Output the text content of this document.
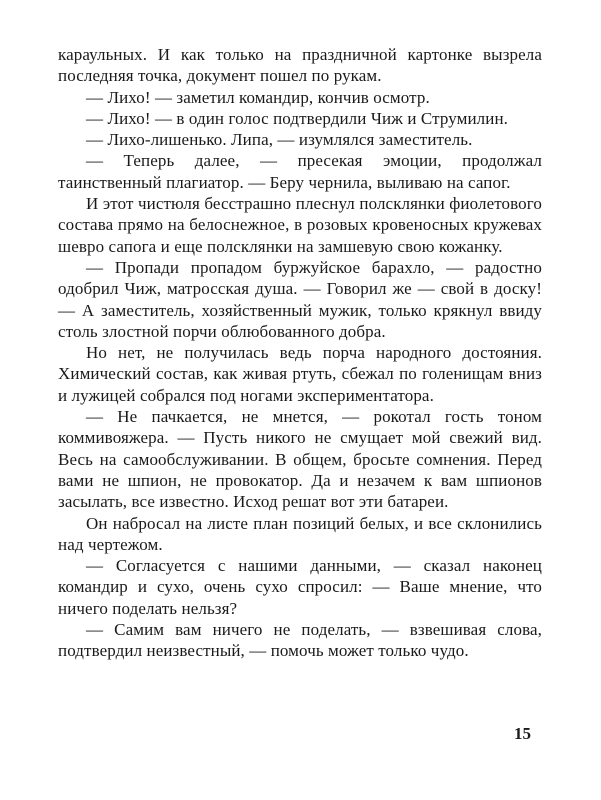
караульных. И как только на праздничной картонке вызрела последняя точка, документ пошел по рукам.

— Лихо! — заметил командир, кончив осмотр.

— Лихо! — в один голос подтвердили Чиж и Струмилин.

— Лихо-лишенько. Липа, — изумлялся заместитель.

— Теперь далее, — пресекая эмоции, продолжал таинственный плагиатор. — Беру чернила, выливаю на сапог.

И этот чистюля бесстрашно плеснул полсклянки фиолетового состава прямо на белоснежное, в розовых кровеносных кружевах шевро сапога и еще полсклянки на замшевую свою кожанку.

— Пропади пропадом буржуйское барахло, — радостно одобрил Чиж, матросская душа. — Говорил же — свой в доску! — А заместитель, хозяйственный мужик, только крякнул ввиду столь злостной порчи облюбованного добра.

Но нет, не получилась ведь порча народного достояния. Химический состав, как живая ртуть, сбежал по голенищам вниз и лужицей собрался под ногами экспериментатора.

— Не пачкается, не мнется, — рокотал гость тоном коммивояжера. — Пусть никого не смущает мой свежий вид. Весь на самообслуживании. В общем, бросьте сомнения. Перед вами не шпион, не провокатор. Да и незачем к вам шпионов засылать, все известно. Исход решат вот эти батареи.

Он набросал на листе план позиций белых, и все склонились над чертежом.

— Согласуется с нашими данными, — сказал наконец командир и сухо, очень сухо спросил: — Ваше мнение, что ничего поделать нельзя?

— Самим вам ничего не поделать, — взвешивая слова, подтвердил неизвестный, — помочь может только чудо.

15
